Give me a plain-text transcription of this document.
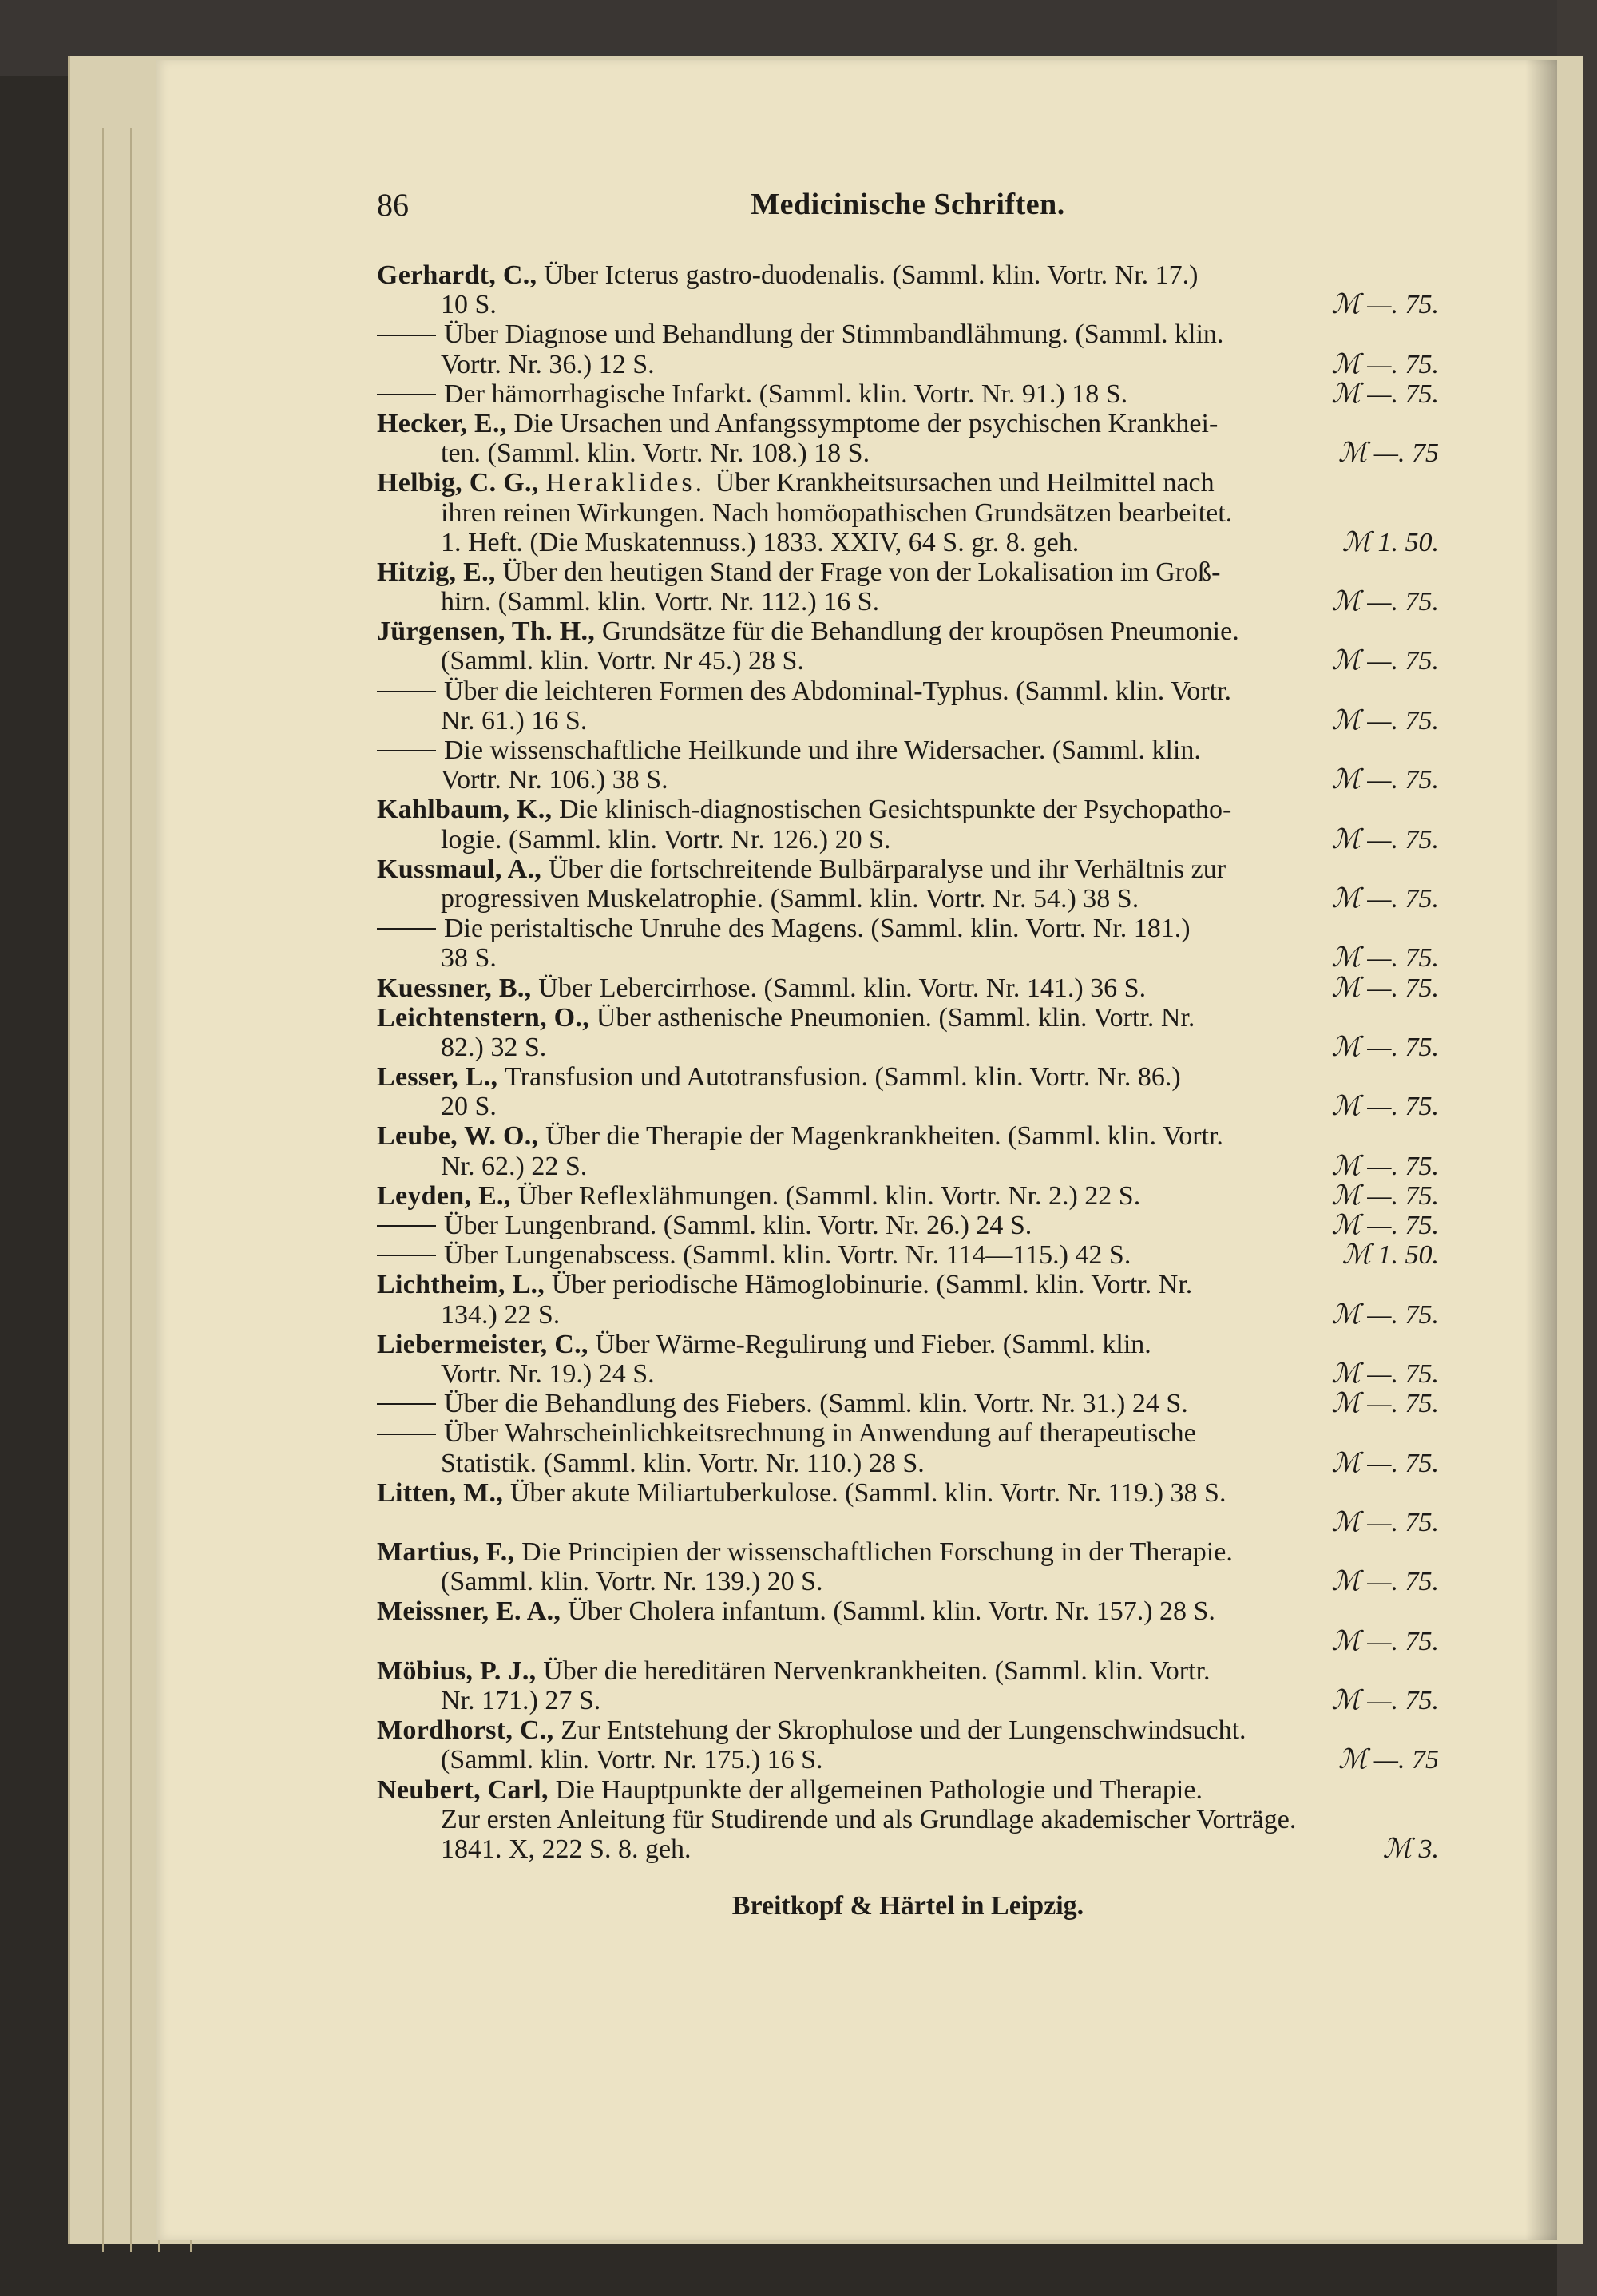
86	Medicinische Schriften.
Gerhardt, C., Über Icterus gastro-duodenalis. (Samml. klin. Vortr. Nr. 17.)
10 S.	ℳ —. 75.
Über Diagnose und Behandlung der Stimmbandlähmung. (Samml. klin.
Vortr. Nr. 36.) 12 S.	ℳ —. 75.
Der hämorrhagische Infarkt. (Samml. klin. Vortr. Nr. 91.) 18 S.	ℳ —. 75.
Hecker, E., Die Ursachen und Anfangssymptome der psychischen Krankhei-
ten. (Samml. klin. Vortr. Nr. 108.) 18 S.	ℳ —. 75
Helbig, C. G., Heraklides. Über Krankheitsursachen und Heilmittel nach
ihren reinen Wirkungen. Nach homöopathischen Grundsätzen bearbeitet.
1. Heft. (Die Muskatennuss.) 1833. XXIV, 64 S. gr. 8. geh.	ℳ 1. 50.
Hitzig, E., Über den heutigen Stand der Frage von der Lokalisation im Groß-
hirn. (Samml. klin. Vortr. Nr. 112.) 16 S.	ℳ —. 75.
Jürgensen, Th. H., Grundsätze für die Behandlung der kroupösen Pneumonie.
(Samml. klin. Vortr. Nr 45.) 28 S.	ℳ —. 75.
Über die leichteren Formen des Abdominal-Typhus. (Samml. klin. Vortr.
Nr. 61.) 16 S.	ℳ —. 75.
Die wissenschaftliche Heilkunde und ihre Widersacher. (Samml. klin.
Vortr. Nr. 106.) 38 S.	ℳ —. 75.
Kahlbaum, K., Die klinisch-diagnostischen Gesichtspunkte der Psychopatho-
logie. (Samml. klin. Vortr. Nr. 126.) 20 S.	ℳ —. 75.
Kussmaul, A., Über die fortschreitende Bulbärparalyse und ihr Verhältnis zur
progressiven Muskelatrophie. (Samml. klin. Vortr. Nr. 54.) 38 S.	ℳ —. 75.
Die peristaltische Unruhe des Magens. (Samml. klin. Vortr. Nr. 181.)
38 S.	ℳ —. 75.
Kuessner, B., Über Lebercirrhose. (Samml. klin. Vortr. Nr. 141.) 36 S.	ℳ —. 75.
Leichtenstern, O., Über asthenische Pneumonien. (Samml. klin. Vortr. Nr.
82.) 32 S.	ℳ —. 75.
Lesser, L., Transfusion und Autotransfusion. (Samml. klin. Vortr. Nr. 86.)
20 S.	ℳ —. 75.
Leube, W. O., Über die Therapie der Magenkrankheiten. (Samml. klin. Vortr.
Nr. 62.) 22 S.	ℳ —. 75.
Leyden, E., Über Reflexlähmungen. (Samml. klin. Vortr. Nr. 2.) 22 S.	ℳ —. 75.
Über Lungenbrand. (Samml. klin. Vortr. Nr. 26.) 24 S.	ℳ —. 75.
Über Lungenabscess. (Samml. klin. Vortr. Nr. 114—115.) 42 S.	ℳ 1. 50.
Lichtheim, L., Über periodische Hämoglobinurie. (Samml. klin. Vortr. Nr.
134.) 22 S.	ℳ —. 75.
Liebermeister, C., Über Wärme-Regulirung und Fieber. (Samml. klin.
Vortr. Nr. 19.) 24 S.	ℳ —. 75.
Über die Behandlung des Fiebers. (Samml. klin. Vortr. Nr. 31.) 24 S.	ℳ —. 75.
Über Wahrscheinlichkeitsrechnung in Anwendung auf therapeutische
Statistik. (Samml. klin. Vortr. Nr. 110.) 28 S.	ℳ —. 75.
Litten, M., Über akute Miliartuberkulose. (Samml. klin. Vortr. Nr. 119.) 38 S.
ℳ —. 75.
Martius, F., Die Principien der wissenschaftlichen Forschung in der Therapie.
(Samml. klin. Vortr. Nr. 139.) 20 S.	ℳ —. 75.
Meissner, E. A., Über Cholera infantum. (Samml. klin. Vortr. Nr. 157.) 28 S.
ℳ —. 75.
Möbius, P. J., Über die hereditären Nervenkrankheiten. (Samml. klin. Vortr.
Nr. 171.) 27 S.	ℳ —. 75.
Mordhorst, C., Zur Entstehung der Skrophulose und der Lungenschwindsucht.
(Samml. klin. Vortr. Nr. 175.) 16 S.	ℳ —. 75
Neubert, Carl, Die Hauptpunkte der allgemeinen Pathologie und Therapie.
Zur ersten Anleitung für Studirende und als Grundlage akademischer Vorträge.
1841. X, 222 S. 8. geh.	ℳ 3.
Breitkopf & Härtel in Leipzig.
